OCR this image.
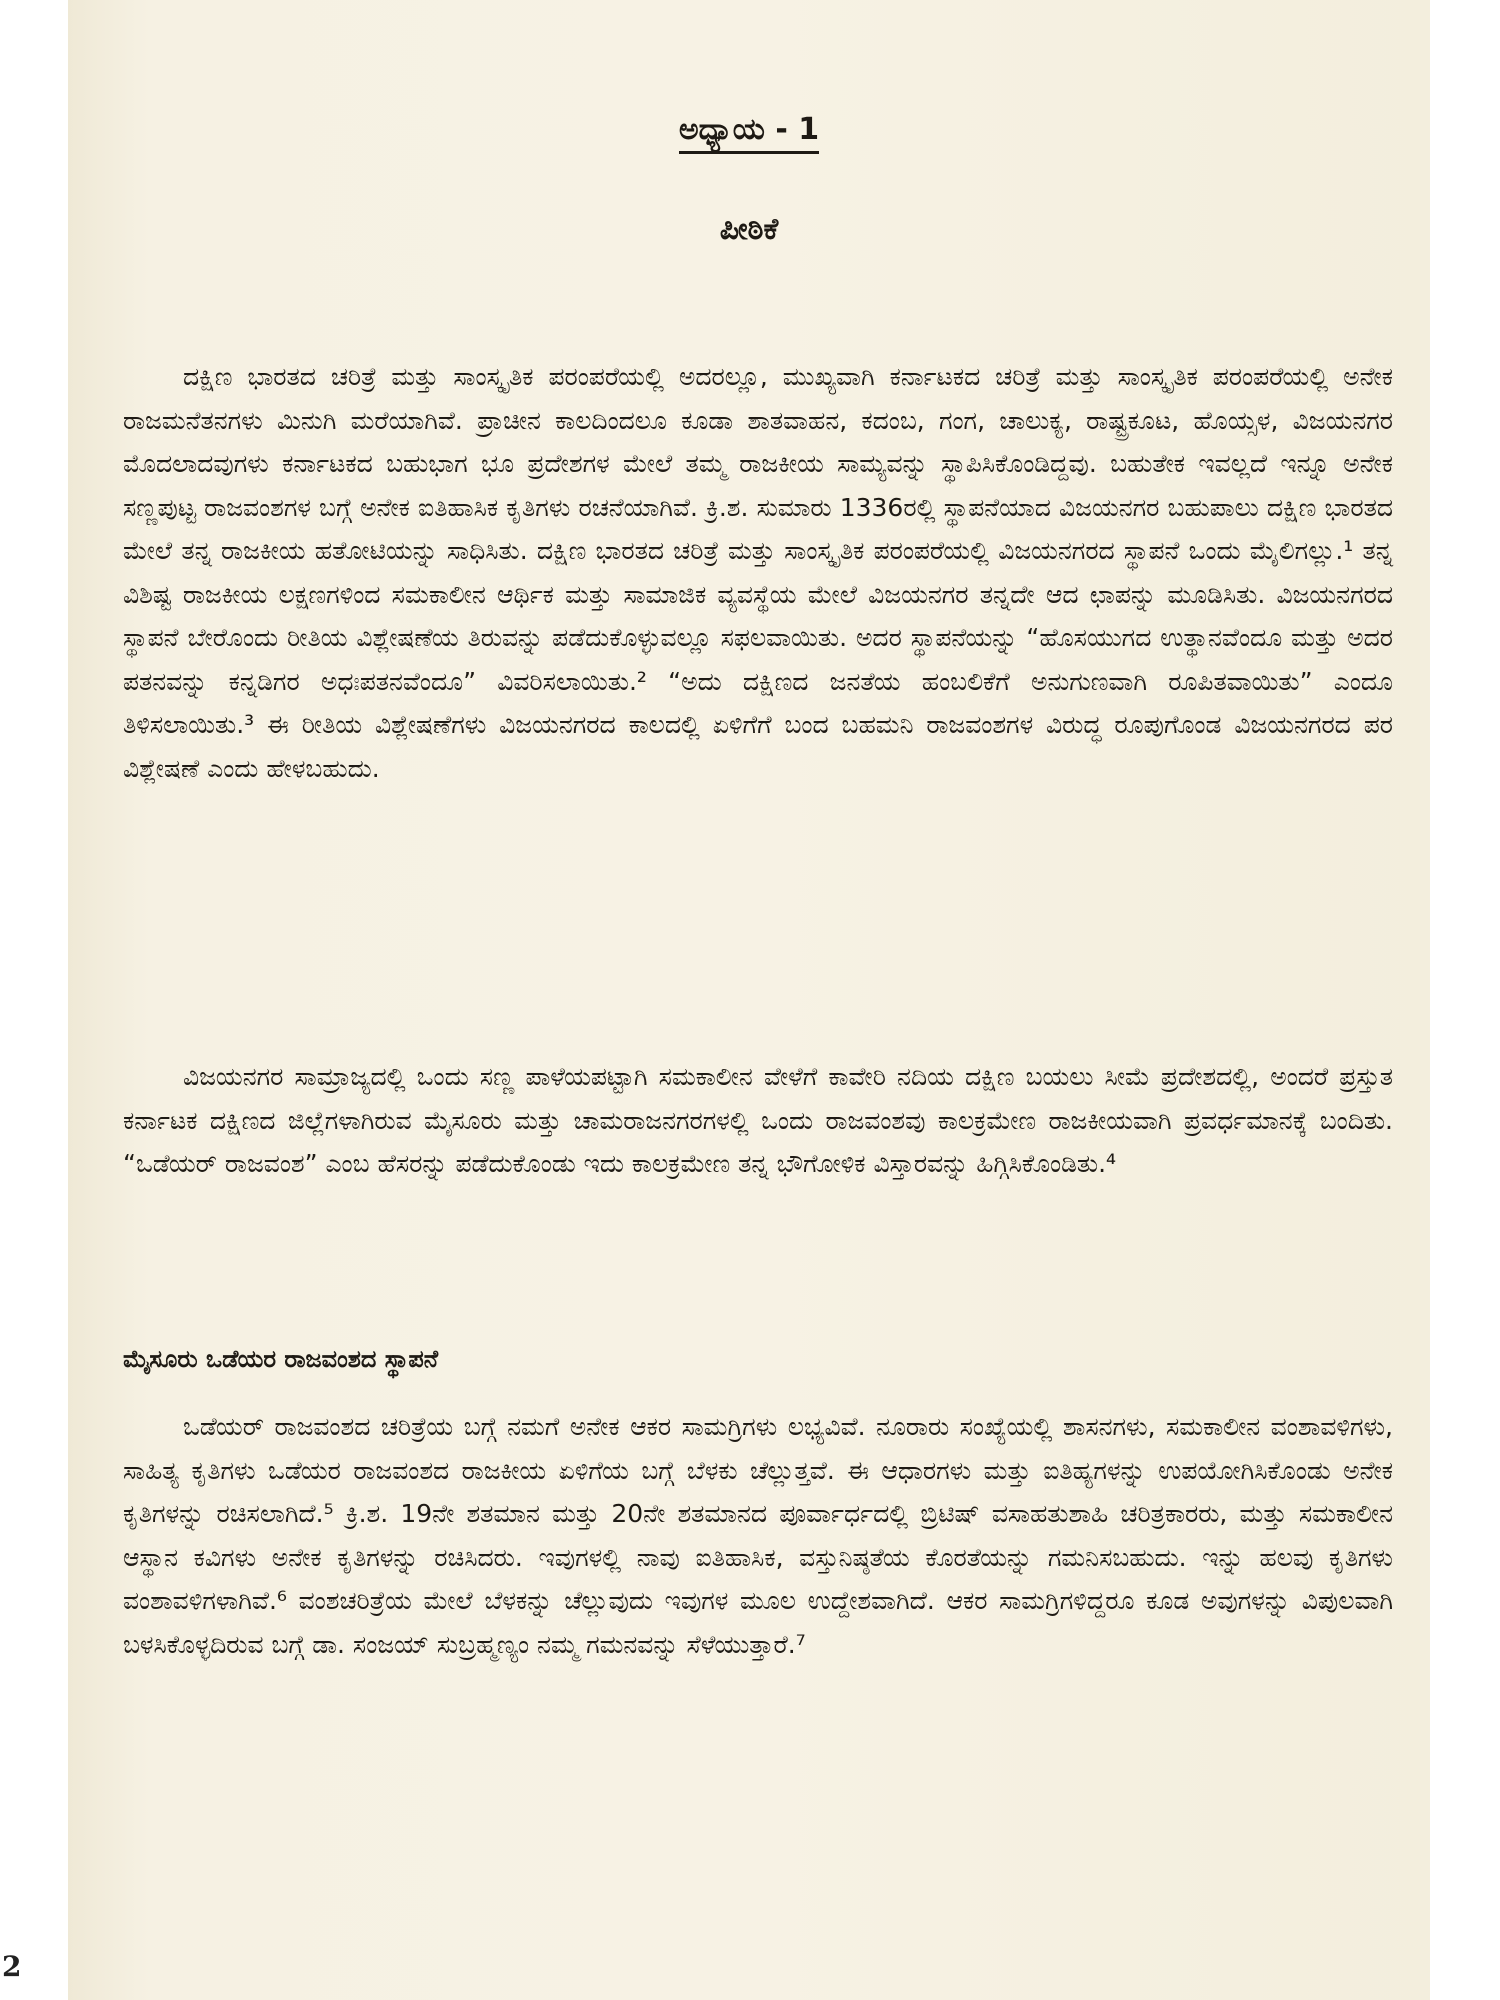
ಅಧ್ಯಾಯ - 1
ಪೀಠಿಕೆ

ದಕ್ಷಿಣ ಭಾರತದ ಚರಿತ್ರೆ ಮತ್ತು ಸಾಂಸ್ಕೃತಿಕ ಪರಂಪರೆಯಲ್ಲಿ ಅದರಲ್ಲೂ, ಮುಖ್ಯವಾಗಿ ಕರ್ನಾಟಕದ ಚರಿತ್ರೆ ಮತ್ತು ಸಾಂಸ್ಕೃತಿಕ ಪರಂಪರೆಯಲ್ಲಿ ಅನೇಕ ರಾಜಮನೆತನಗಳು ಮಿನುಗಿ ಮರೆಯಾಗಿವೆ. ಪ್ರಾಚೀನ ಕಾಲದಿಂದಲೂ ಕೂಡಾ ಶಾತವಾಹನ, ಕದಂಬ, ಗಂಗ, ಚಾಲುಕ್ಯ, ರಾಷ್ಟ್ರಕೂಟ, ಹೊಯ್ಸಳ, ವಿಜಯನಗರ ಮೊದಲಾದವುಗಳು ಕರ್ನಾಟಕದ ಬಹುಭಾಗ ಭೂ ಪ್ರದೇಶಗಳ ಮೇಲೆ ತಮ್ಮ ರಾಜಕೀಯ ಸಾಮ್ಯವನ್ನು ಸ್ಥಾಪಿಸಿಕೊಂಡಿದ್ದವು. ಬಹುತೇಕ ಇವಲ್ಲದೆ ಇನ್ನೂ ಅನೇಕ ಸಣ್ಣಪುಟ್ಟ ರಾಜವಂಶಗಳ ಬಗ್ಗೆ ಅನೇಕ ಐತಿಹಾಸಿಕ ಕೃತಿಗಳು ರಚನೆಯಾಗಿವೆ. ಕ್ರಿ.ಶ. ಸುಮಾರು 1336ರಲ್ಲಿ ಸ್ಥಾಪನೆಯಾದ ವಿಜಯನಗರ ಬಹುಪಾಲು ದಕ್ಷಿಣ ಭಾರತದ ಮೇಲೆ ತನ್ನ ರಾಜಕೀಯ ಹತೋಟಿಯನ್ನು ಸಾಧಿಸಿತು. ದಕ್ಷಿಣ ಭಾರತದ ಚರಿತ್ರೆ ಮತ್ತು ಸಾಂಸ್ಕೃತಿಕ ಪರಂಪರೆಯಲ್ಲಿ ವಿಜಯನಗರದ ಸ್ಥಾಪನೆ ಒಂದು ಮೈಲಿಗಲ್ಲು.¹ ತನ್ನ ವಿಶಿಷ್ಟ ರಾಜಕೀಯ ಲಕ್ಷಣಗಳಿಂದ ಸಮಕಾಲೀನ ಆರ್ಥಿಕ ಮತ್ತು ಸಾಮಾಜಿಕ ವ್ಯವಸ್ಥೆಯ ಮೇಲೆ ವಿಜಯನಗರ ತನ್ನದೇ ಆದ ಛಾಪನ್ನು ಮೂಡಿಸಿತು. ವಿಜಯನಗರದ ಸ್ಥಾಪನೆ ಬೇರೊಂದು ರೀತಿಯ ವಿಶ್ಲೇಷಣೆಯ ತಿರುವನ್ನು ಪಡೆದುಕೊಳ್ಳುವಲ್ಲೂ ಸಫಲವಾಯಿತು. ಅದರ ಸ್ಥಾಪನೆಯನ್ನು “ಹೊಸಯುಗದ ಉತ್ಥಾನವೆಂದೂ ಮತ್ತು ಅದರ ಪತನವನ್ನು ಕನ್ನಡಿಗರ ಅಧಃಪತನವೆಂದೂ” ವಿವರಿಸಲಾಯಿತು.² “ಅದು ದಕ್ಷಿಣದ ಜನತೆಯ ಹಂಬಲಿಕೆಗೆ ಅನುಗುಣವಾಗಿ ರೂಪಿತವಾಯಿತು” ಎಂದೂ ತಿಳಿಸಲಾಯಿತು.³ ಈ ರೀತಿಯ ವಿಶ್ಲೇಷಣೆಗಳು ವಿಜಯನಗರದ ಕಾಲದಲ್ಲಿ ಏಳಿಗೆಗೆ ಬಂದ ಬಹಮನಿ ರಾಜವಂಶಗಳ ವಿರುದ್ಧ ರೂಪುಗೊಂಡ ವಿಜಯನಗರದ ಪರ ವಿಶ್ಲೇಷಣೆ ಎಂದು ಹೇಳಬಹುದು.

ವಿಜಯನಗರ ಸಾಮ್ರಾಜ್ಯದಲ್ಲಿ ಒಂದು ಸಣ್ಣ ಪಾಳೆಯಪಟ್ಟಾಗಿ ಸಮಕಾಲೀನ ವೇಳೆಗೆ ಕಾವೇರಿ ನದಿಯ ದಕ್ಷಿಣ ಬಯಲು ಸೀಮೆ ಪ್ರದೇಶದಲ್ಲಿ, ಅಂದರೆ ಪ್ರಸ್ತುತ ಕರ್ನಾಟಕ ದಕ್ಷಿಣದ ಜಿಲ್ಲೆಗಳಾಗಿರುವ ಮೈಸೂರು ಮತ್ತು ಚಾಮರಾಜನಗರಗಳಲ್ಲಿ ಒಂದು ರಾಜವಂಶವು ಕಾಲಕ್ರಮೇಣ ರಾಜಕೀಯವಾಗಿ ಪ್ರವರ್ಧಮಾನಕ್ಕೆ ಬಂದಿತು. “ಒಡೆಯರ್ ರಾಜವಂಶ” ಎಂಬ ಹೆಸರನ್ನು ಪಡೆದುಕೊಂಡು ಇದು ಕಾಲಕ್ರಮೇಣ ತನ್ನ ಭೌಗೋಳಿಕ ವಿಸ್ತಾರವನ್ನು ಹಿಗ್ಗಿಸಿಕೊಂಡಿತು.⁴

ಮೈಸೂರು ಒಡೆಯರ ರಾಜವಂಶದ ಸ್ಥಾಪನೆ

ಒಡೆಯರ್ ರಾಜವಂಶದ ಚರಿತ್ರೆಯ ಬಗ್ಗೆ ನಮಗೆ ಅನೇಕ ಆಕರ ಸಾಮಗ್ರಿಗಳು ಲಭ್ಯವಿವೆ. ನೂರಾರು ಸಂಖ್ಯೆಯಲ್ಲಿ ಶಾಸನಗಳು, ಸಮಕಾಲೀನ ವಂಶಾವಳಿಗಳು, ಸಾಹಿತ್ಯ ಕೃತಿಗಳು ಒಡೆಯರ ರಾಜವಂಶದ ರಾಜಕೀಯ ಏಳಿಗೆಯ ಬಗ್ಗೆ ಬೆಳಕು ಚೆಲ್ಲುತ್ತವೆ. ಈ ಆಧಾರಗಳು ಮತ್ತು ಐತಿಹ್ಯಗಳನ್ನು ಉಪಯೋಗಿಸಿಕೊಂಡು ಅನೇಕ ಕೃತಿಗಳನ್ನು ರಚಿಸಲಾಗಿದೆ.⁵ ಕ್ರಿ.ಶ. 19ನೇ ಶತಮಾನ ಮತ್ತು 20ನೇ ಶತಮಾನದ ಪೂರ್ವಾರ್ಧದಲ್ಲಿ ಬ್ರಿಟಿಷ್ ವಸಾಹತುಶಾಹಿ ಚರಿತ್ರಕಾರರು, ಮತ್ತು ಸಮಕಾಲೀನ ಆಸ್ಥಾನ ಕವಿಗಳು ಅನೇಕ ಕೃತಿಗಳನ್ನು ರಚಿಸಿದರು. ಇವುಗಳಲ್ಲಿ ನಾವು ಐತಿಹಾಸಿಕ, ವಸ್ತುನಿಷ್ಠತೆಯ ಕೊರತೆಯನ್ನು ಗಮನಿಸಬಹುದು. ಇನ್ನು ಹಲವು ಕೃತಿಗಳು ವಂಶಾವಳಿಗಳಾಗಿವೆ.⁶ ವಂಶಚರಿತ್ರೆಯ ಮೇಲೆ ಬೆಳಕನ್ನು ಚೆಲ್ಲುವುದು ಇವುಗಳ ಮೂಲ ಉದ್ದೇಶವಾಗಿದೆ. ಆಕರ ಸಾಮಗ್ರಿಗಳಿದ್ದರೂ ಕೂಡ ಅವುಗಳನ್ನು ವಿಪುಲವಾಗಿ ಬಳಸಿಕೊಳ್ಳದಿರುವ ಬಗ್ಗೆ ಡಾ. ಸಂಜಯ್ ಸುಬ್ರಹ್ಮಣ್ಯಂ ನಮ್ಮ ಗಮನವನ್ನು ಸೆಳೆಯುತ್ತಾರೆ.⁷

2
